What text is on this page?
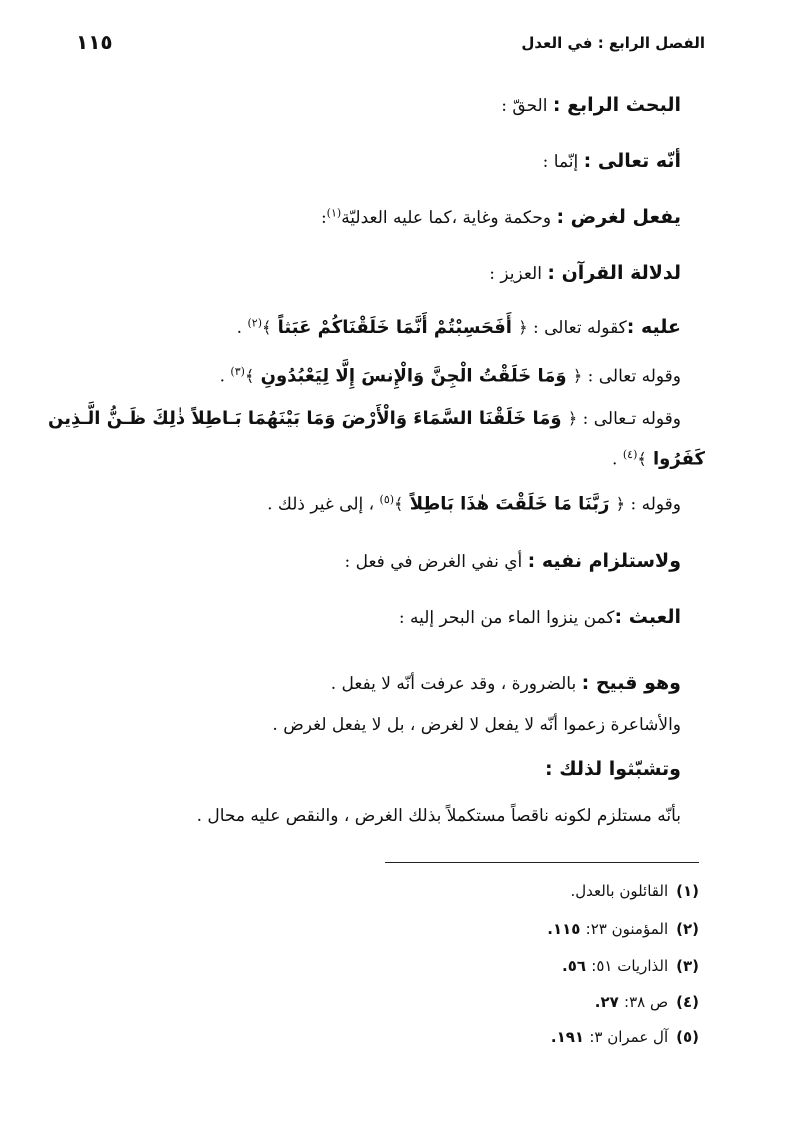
الفصل الرابع : في العدل
١١٥
البحث الرابع : الحقّ :
أنّه تعالى : إنّما :
يفعل لغرض : وحكمة وغاية ،كما عليه العدليّة$^{(١)}$:
لدلالة القرآن : العزيز :
عليه :كقوله تعالى : ﴿ أَفَحَسِبْتُمْ أَنَّمَا خَلَقْنَاكُمْ عَبَثاً ﴾$^{(٢)}$ .
وقوله تعالى : ﴿ وَمَا خَلَقْتُ الْجِنَّ وَالْإِنسَ إِلَّا لِيَعْبُدُونِ ﴾$^{(٣)}$ .
وقوله تـعالى : ﴿ وَمَا خَلَقْنَا السَّمَاءَ وَالْأَرْضَ وَمَا بَيْنَهُمَا بَـاطِلاً ذٰلِكَ ظَـنُّ الَّـذِين
كَفَرُوا ﴾$^{(٤)}$ .
وقوله : ﴿ رَبَّنَا مَا خَلَقْتَ هٰذَا بَاطِلاً ﴾$^{(٥)}$ ، إلى غير ذلك .
ولاستلزام نفيه : أي نفي الغرض في فعل :
العبث :كمن ينزوا الماء من البحر إليه :
وهو قبيح : بالضرورة ، وقد عرفت أنّه لا يفعل .
والأشاعرة زعموا أنّه لا يفعل لا لغرض ، بل لا يفعل لغرض .
وتشبّثوا لذلك :
بأنّه مستلزم لكونه ناقصاً مستكملاً بذلك الغرض ، والنقص عليه محال .
(١)القائلون بالعدل.
(٢)المؤمنون ٢٣: ١١٥.
(٣)الذاريات ٥١: ٥٦.
(٤)ص ٣٨: ٢٧.
(٥)آل عمران ٣: ١٩١.
